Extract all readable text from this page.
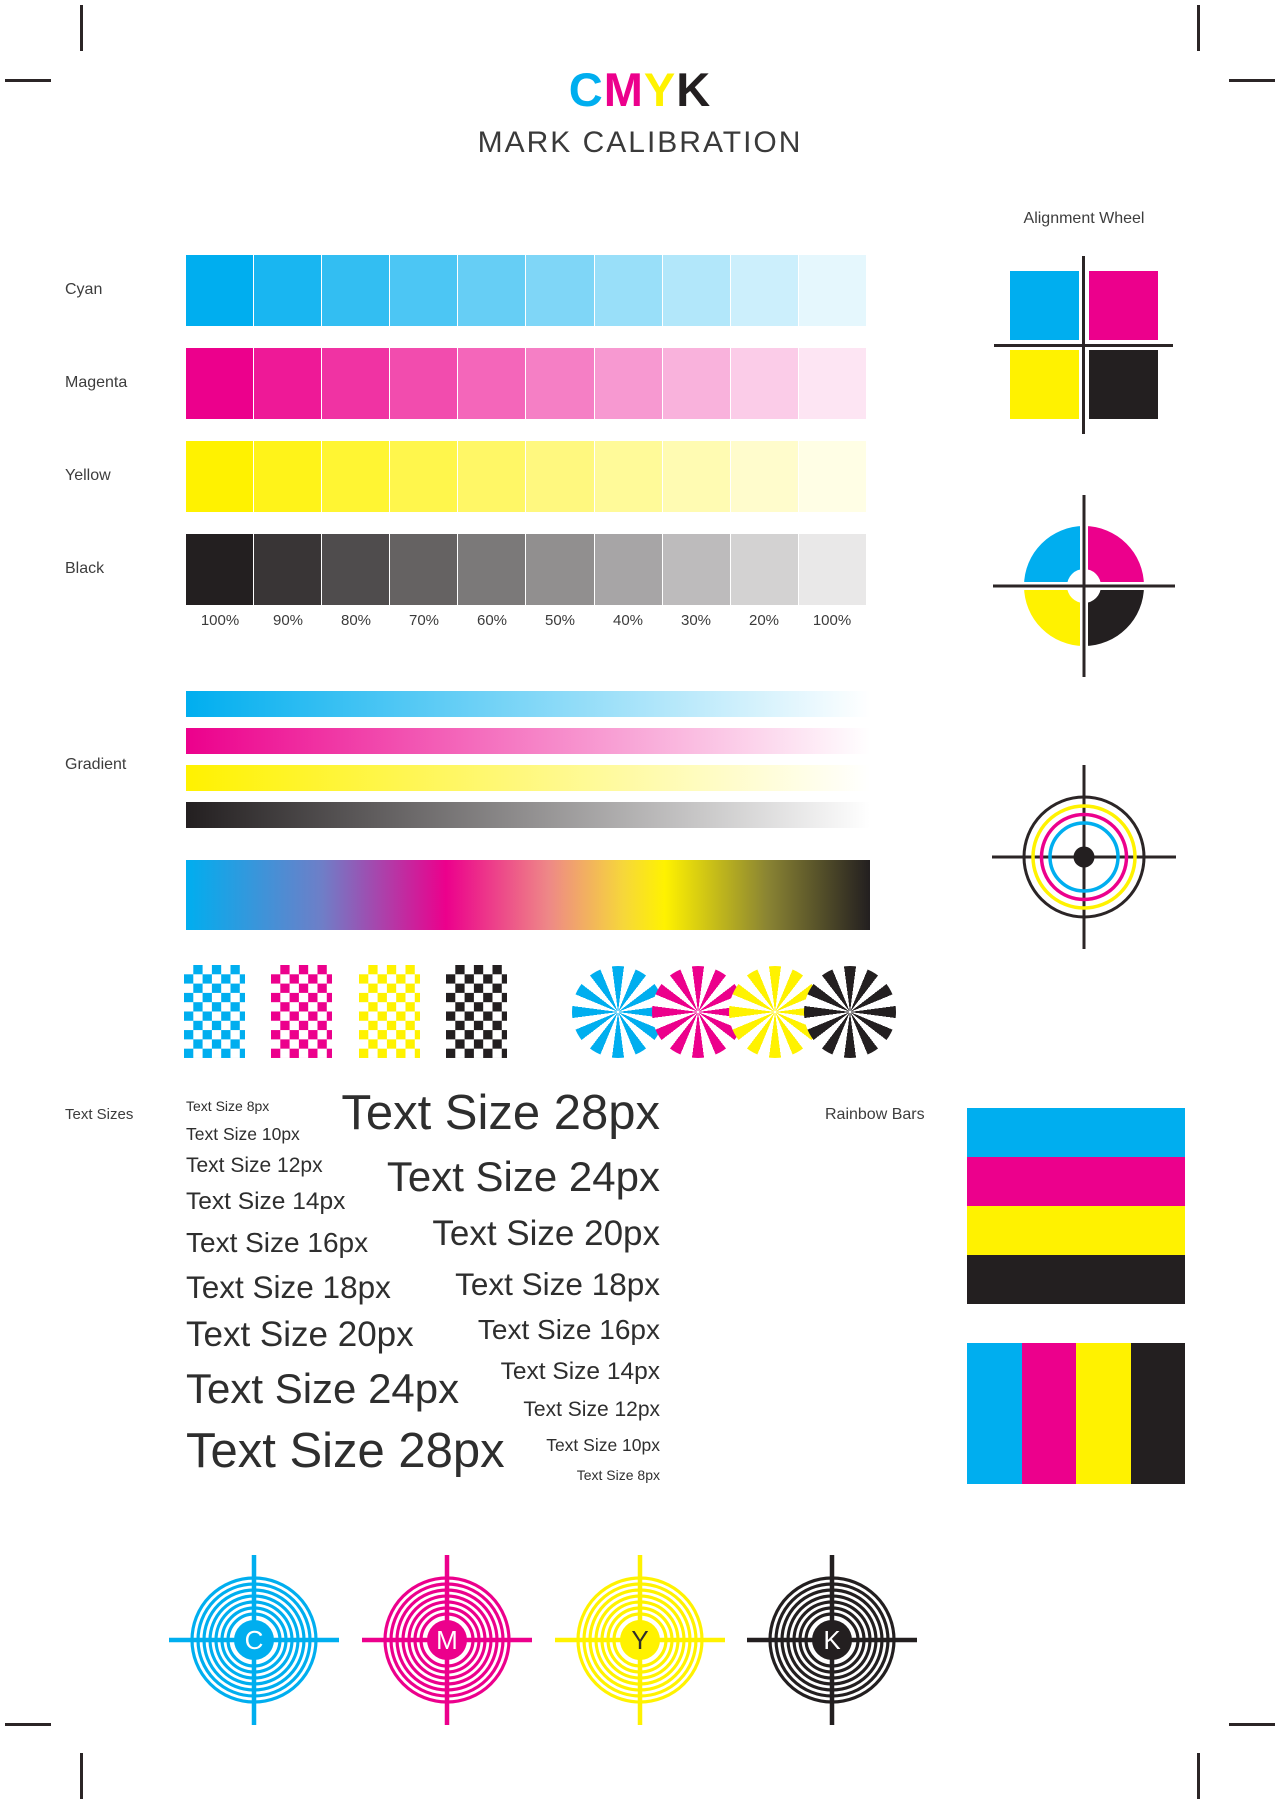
CMYK
MARK CALIBRATION
Cyan
Magenta
Yellow
Black
Gradient
Text Sizes
100%	90%	80%	70%	60%	50%	40%	30%	20%	100%
Alignment Wheel
Text Size 8px
Text Size 10px
Text Size 12px
Text Size 14px
Text Size 16px
Text Size 18px
Text Size 20px
Text Size 24px
Text Size 28px
Text Size 28px
Text Size 24px
Text Size 20px
Text Size 18px
Text Size 16px
Text Size 14px
Text Size 12px
Text Size 10px
Text Size 8px
Rainbow Bars
C	M	Y	K
